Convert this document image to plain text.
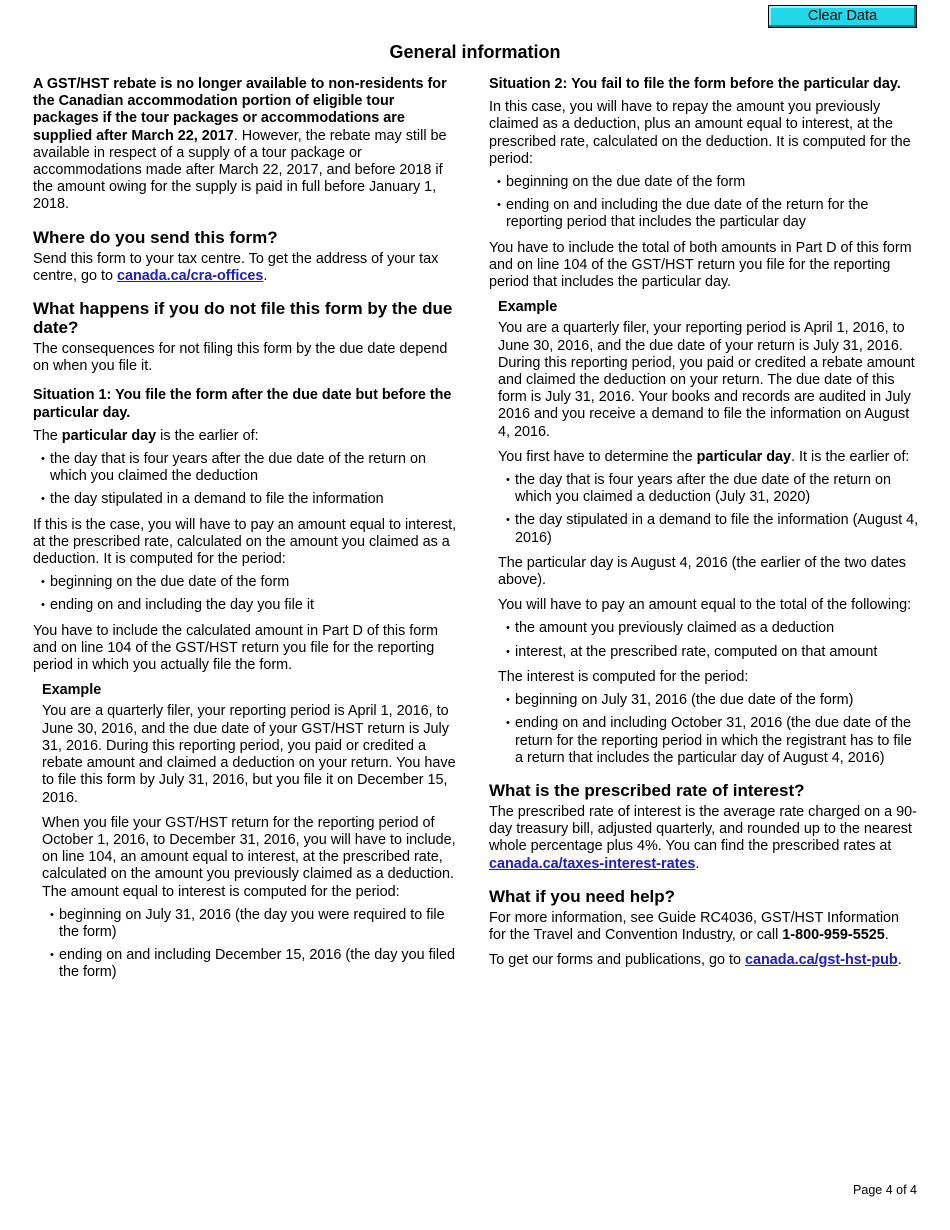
Clear Data
General information

A GST/HST rebate is no longer available to non-residents for the Canadian accommodation portion of eligible tour packages if the tour packages or accommodations are supplied after March 22, 2017. However, the rebate may still be available in respect of a supply of a tour package or accommodations made after March 22, 2017, and before 2018 if the amount owing for the supply is paid in full before January 1, 2018.

Where do you send this form?

Send this form to your tax centre. To get the address of your tax centre, go to canada.ca/cra-offices.

What happens if you do not file this form by the due date?

The consequences for not filing this form by the due date depend on when you file it.

Situation 1: You file the form after the due date but before the particular day.

The particular day is the earlier of:

• the day that is four years after the due date of the return on which you claimed the deduction
• the day stipulated in a demand to file the information

If this is the case, you will have to pay an amount equal to interest, at the prescribed rate, calculated on the amount you claimed as a deduction. It is computed for the period:

• beginning on the due date of the form
• ending on and including the day you file it

You have to include the calculated amount in Part D of this form and on line 104 of the GST/HST return you file for the reporting period in which you actually file the form.

Example

You are a quarterly filer, your reporting period is April 1, 2016, to June 30, 2016, and the due date of your GST/HST return is July 31, 2016. During this reporting period, you paid or credited a rebate amount and claimed a deduction on your return. You have to file this form by July 31, 2016, but you file it on December 15, 2016.

When you file your GST/HST return for the reporting period of October 1, 2016, to December 31, 2016, you will have to include, on line 104, an amount equal to interest, at the prescribed rate, calculated on the amount you previously claimed as a deduction. The amount equal to interest is computed for the period:

• beginning on July 31, 2016 (the day you were required to file the form)
• ending on and including December 15, 2016 (the day you filed the form)
Situation 2: You fail to file the form before the particular day.

In this case, you will have to repay the amount you previously claimed as a deduction, plus an amount equal to interest, at the prescribed rate, calculated on the deduction. It is computed for the period:

• beginning on the due date of the form
• ending on and including the due date of the return for the reporting period that includes the particular day

You have to include the total of both amounts in Part D of this form and on line 104 of the GST/HST return you file for the reporting period that includes the particular day.

Example

You are a quarterly filer, your reporting period is April 1, 2016, to June 30, 2016, and the due date of your return is July 31, 2016. During this reporting period, you paid or credited a rebate amount and claimed the deduction on your return. The due date of this form is July 31, 2016. Your books and records are audited in July 2016 and you receive a demand to file the information on August 4, 2016.

You first have to determine the particular day. It is the earlier of:

• the day that is four years after the due date of the return on which you claimed a deduction (July 31, 2020)
• the day stipulated in a demand to file the information (August 4, 2016)

The particular day is August 4, 2016 (the earlier of the two dates above).

You will have to pay an amount equal to the total of the following:

• the amount you previously claimed as a deduction
• interest, at the prescribed rate, computed on that amount

The interest is computed for the period:

• beginning on July 31, 2016 (the due date of the form)
• ending on and including October 31, 2016 (the due date of the return for the reporting period in which the registrant has to file a return that includes the particular day of August 4, 2016)
What is the prescribed rate of interest?

The prescribed rate of interest is the average rate charged on a 90-day treasury bill, adjusted quarterly, and rounded up to the nearest whole percentage plus 4%. You can find the prescribed rates at canada.ca/taxes-interest-rates.

What if you need help?

For more information, see Guide RC4036, GST/HST Information for the Travel and Convention Industry, or call 1-800-959-5525.

To get our forms and publications, go to canada.ca/gst-hst-pub.

Page 4 of 4
